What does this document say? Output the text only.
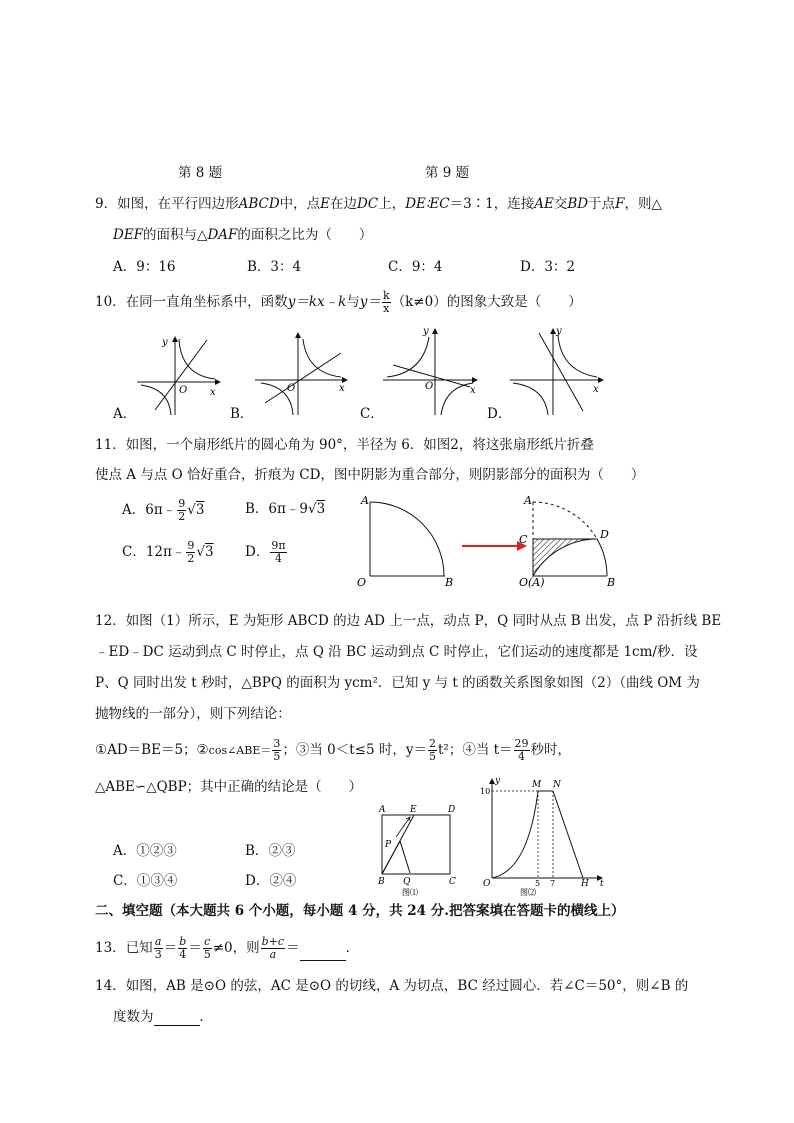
第 8 题	第 9 题
9．如图，在平行四边形ABCD中，点E在边DC上，DE∶EC＝3∶1，连接AE交BD于点F，则△
DEF的面积与△DAF的面积之比为（　　）
A．9：16	B．3：4	C．9：4	D．3：2
10．在同一直角坐标系中，函数y＝kx﹣k与$y= \frac{k}{x} (k\ne 0)$的图象大致是（　　）
y
O x	O	x
y
O	x
y
x
A．	B．	C．	D．
11．如图，一个扇形纸片的圆心角为 90°，半径为 6．如图2，将这张扇形纸片折叠
使点 A 与点 O 恰好重合，折痕为 CD，图中阴影为重合部分，则阴影部分的面积为（　　）
A．6π﹣ $\frac{9}{2} √3$	B．6π﹣9√3
C．12π﹣ $\frac{9}{2} √3$ D． $\frac{9\pi}{4}$
A
O	B
A
C	D
O(A)	B
12．如图（1）所示，E 为矩形 ABCD 的边 AD 上一点，动点 P，Q 同时从点 B 出发，点 P 沿折线 BE
﹣ED﹣DC 运动到点 C 时停止，点 Q 沿 BC 运动到点 C 时停止，它们运动的速度都是 1cm/秒．设
P、Q 同时出发 t 秒时，△BPQ 的面积为 ycm²．已知 y 与 t 的函数关系图象如图（2）（曲线 OM 为
抛物线的一部分），则下列结论：
①AD＝BE＝5；②cos∠ABE＝ $\frac{3}{5}$ ；③当 0＜t≤5 时，$y= \frac{2}{5} t^2$；④当 $t= \frac{29}{4}$ 秒时，
△ABE∽△QBP；其中正确的结论是（　　）
A．①②③	B．②③
C．①③④	D．②④
A	E	D
P
B Q	C
图⑴
y
10
M N
O	5 7	H t
图⑵
二、填空题（本大题共 6 个小题，每小题 4 分，共 24 分.把答案填在答题卡的横线上）
13．已知 $\frac{a}{3} = \frac{b}{4} = \frac{c}{5} \ne 0$，则 $\frac{b+c}{a}$ ＝	．
14．如图，AB 是⊙O 的弦，AC 是⊙O 的切线，A 为切点，BC 经过圆心．若∠C＝50°，则∠B 的
度数为	．
